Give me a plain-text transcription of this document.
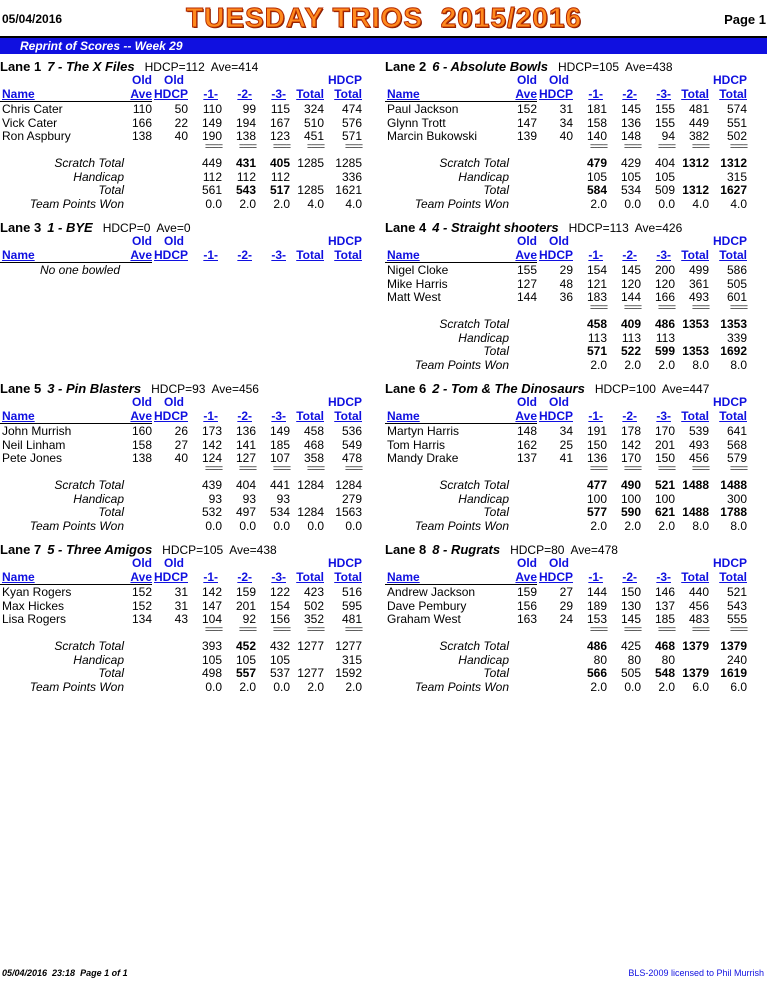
05/04/2016	TUESDAY TRIOS  2015/2016	Page 1
Reprint of Scores -- Week 29
Lane 1 7 - The X Files HDCP=112 Ave=414
Old Old	HDCP
Name	Ave HDCP -1- -2- -3- Total Total
Chris Cater	110 50 110 99 115 324 474
Vick Cater	166 22 149 194 167 510 576
Ron Aspbury	138 40 190 138 123 451 571
==== ==== ==== ==== ====
Scratch Total	449 431 405 1285 1285
Handicap	112 112 112	336
Total	561 543 517 1285 1621
Team Points Won	0.0 2.0 2.0 4.0 4.0
Lane 2 6 - Absolute Bowls HDCP=105 Ave=438
Old Old	HDCP
Name	Ave HDCP -1- -2- -3- Total Total
Paul Jackson	152 31 181 145 155 481 574
Glynn Trott	147 34 158 136 155 449 551
Marcin Bukowski	139 40 140 148 94 382 502
==== ==== ==== ==== ====
Scratch Total	479 429 404 1312 1312
Handicap	105 105 105	315
Total	584 534 509 1312 1627
Team Points Won	2.0 0.0 0.0 4.0 4.0
Lane 3 1 - BYE HDCP=0 Ave=0
Old Old	HDCP
Name	Ave HDCP -1- -2- -3- Total Total
No one bowled
Lane 4 4 - Straight shooters HDCP=113 Ave=426
Old Old	HDCP
Name	Ave HDCP -1- -2- -3- Total Total
Nigel Cloke	155 29 154 145 200 499 586
Mike Harris	127 48 121 120 120 361 505
Matt West	144 36 183 144 166 493 601
==== ==== ==== ==== ====
Scratch Total	458 409 486 1353 1353
Handicap	113 113 113	339
Total	571 522 599 1353 1692
Team Points Won	2.0 2.0 2.0 8.0 8.0
Lane 5 3 - Pin Blasters HDCP=93 Ave=456
Old Old	HDCP
Name	Ave HDCP -1- -2- -3- Total Total
John Murrish	160 26 173 136 149 458 536
Neil Linham	158 27 142 141 185 468 549
Pete Jones	138 40 124 127 107 358 478
==== ==== ==== ==== ====
Scratch Total	439 404 441 1284 1284
Handicap	93 93 93	279
Total	532 497 534 1284 1563
Team Points Won	0.0 0.0 0.0 0.0 0.0
Lane 6 2 - Tom & The Dinosaurs HDCP=100 Ave=447
Old Old	HDCP
Name	Ave HDCP -1- -2- -3- Total Total
Martyn Harris	148 34 191 178 170 539 641
Tom Harris	162 25 150 142 201 493 568
Mandy Drake	137 41 136 170 150 456 579
==== ==== ==== ==== ====
Scratch Total	477 490 521 1488 1488
Handicap	100 100 100	300
Total	577 590 621 1488 1788
Team Points Won	2.0 2.0 2.0 8.0 8.0
Lane 7 5 - Three Amigos HDCP=105 Ave=438
Old Old	HDCP
Name	Ave HDCP -1- -2- -3- Total Total
Kyan Rogers	152 31 142 159 122 423 516
Max Hickes	152 31 147 201 154 502 595
Lisa Rogers	134 43 104 92 156 352 481
==== ==== ==== ==== ====
Scratch Total	393 452 432 1277 1277
Handicap	105 105 105	315
Total	498 557 537 1277 1592
Team Points Won	0.0 2.0 0.0 2.0 2.0
Lane 8 8 - Rugrats HDCP=80 Ave=478
Old Old	HDCP
Name	Ave HDCP -1- -2- -3- Total Total
Andrew Jackson	159 27 144 150 146 440 521
Dave Pembury	156 29 189 130 137 456 543
Graham West	163 24 153 145 185 483 555
==== ==== ==== ==== ====
Scratch Total	486 425 468 1379 1379
Handicap	80 80 80	240
Total	566 505 548 1379 1619
Team Points Won	2.0 0.0 2.0 6.0 6.0
05/04/2016  23:18  Page 1 of 1	BLS-2009 licensed to Phil Murrish
